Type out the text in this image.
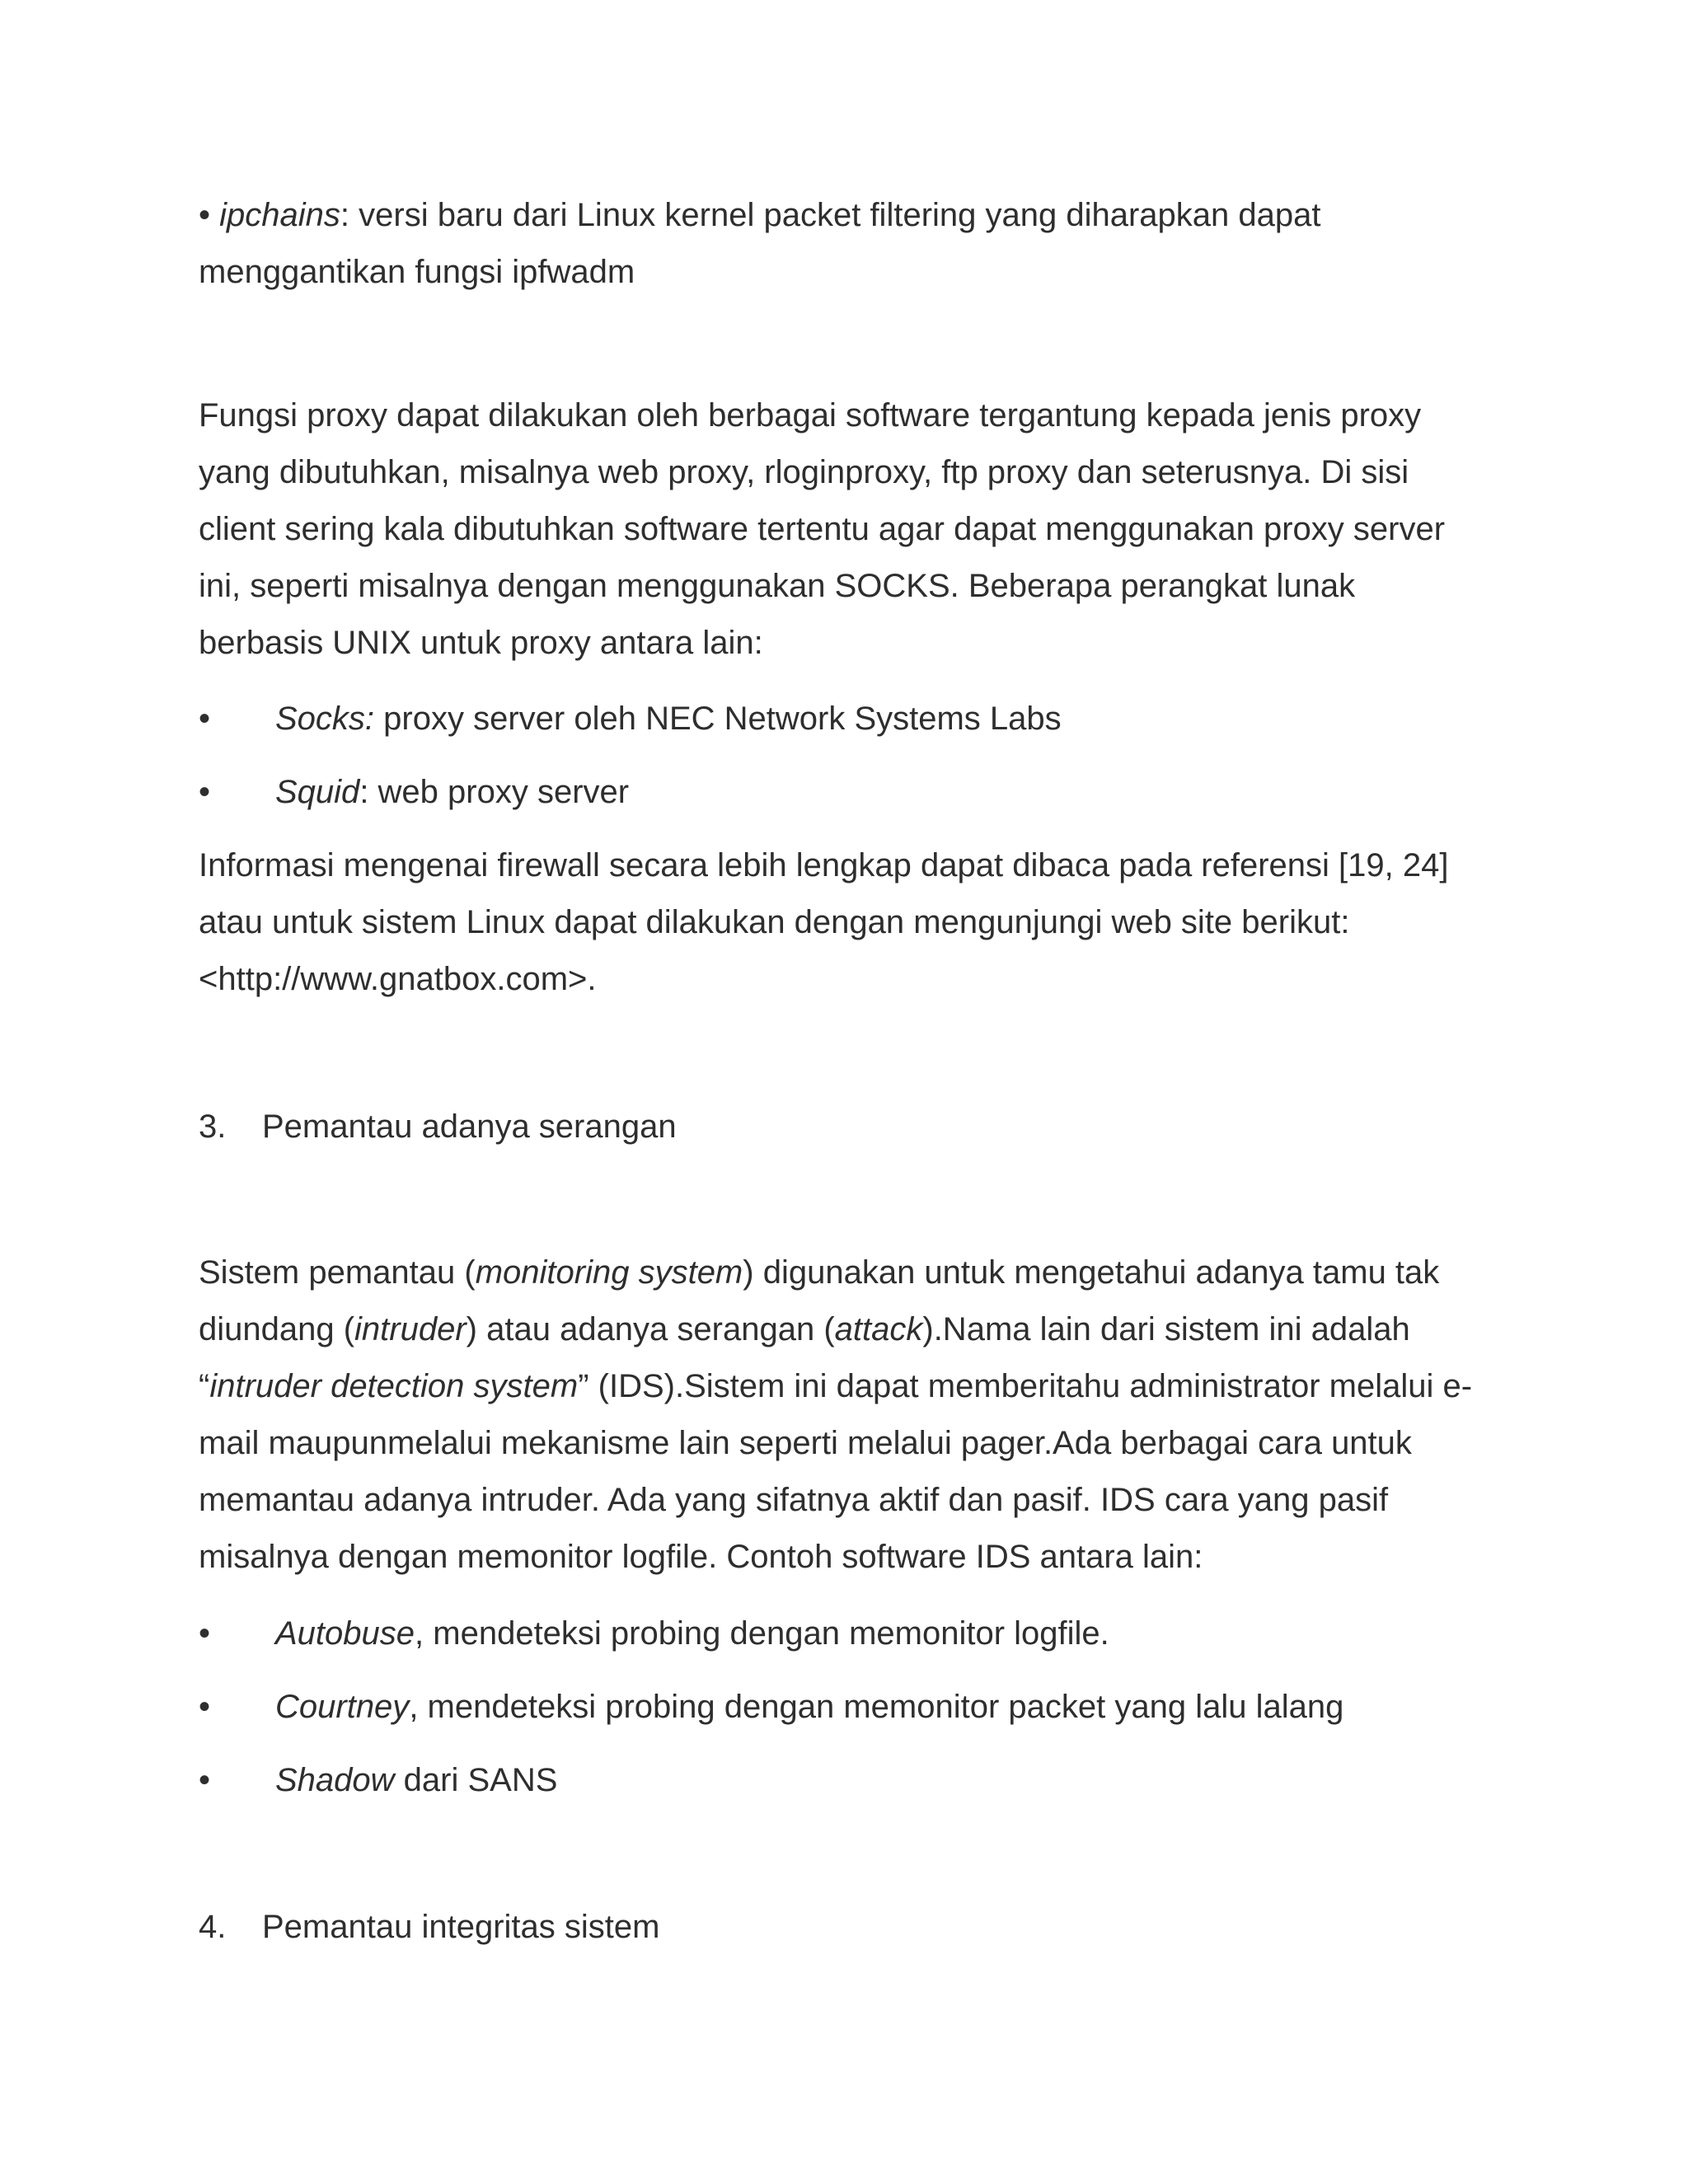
• ipchains: versi baru dari Linux kernel packet filtering yang diharapkan dapat
menggantikan fungsi ipfwadm
Fungsi proxy dapat dilakukan oleh berbagai software tergantung kepada jenis proxy
yang dibutuhkan, misalnya web proxy, rloginproxy, ftp proxy dan seterusnya. Di sisi
client sering kala dibutuhkan software tertentu agar dapat menggunakan proxy server
ini, seperti misalnya dengan menggunakan SOCKS. Beberapa perangkat lunak
berbasis UNIX untuk proxy antara lain:
• Socks: proxy server oleh NEC Network Systems Labs
• Squid: web proxy server
Informasi mengenai firewall secara lebih lengkap dapat dibaca pada referensi [19, 24]
atau untuk sistem Linux dapat dilakukan dengan mengunjungi web site berikut:
<http://www.gnatbox.com>.
3. Pemantau adanya serangan
Sistem pemantau (monitoring system) digunakan untuk mengetahui adanya tamu tak
diundang (intruder) atau adanya serangan (attack).Nama lain dari sistem ini adalah
“intruder detection system” (IDS).Sistem ini dapat memberitahu administrator melalui e-
mail maupunmelalui mekanisme lain seperti melalui pager.Ada berbagai cara untuk
memantau adanya intruder. Ada yang sifatnya aktif dan pasif. IDS cara yang pasif
misalnya dengan memonitor logfile. Contoh software IDS antara lain:
• Autobuse, mendeteksi probing dengan memonitor logfile.
• Courtney, mendeteksi probing dengan memonitor packet yang lalu lalang
• Shadow dari SANS
4. Pemantau integritas sistem
